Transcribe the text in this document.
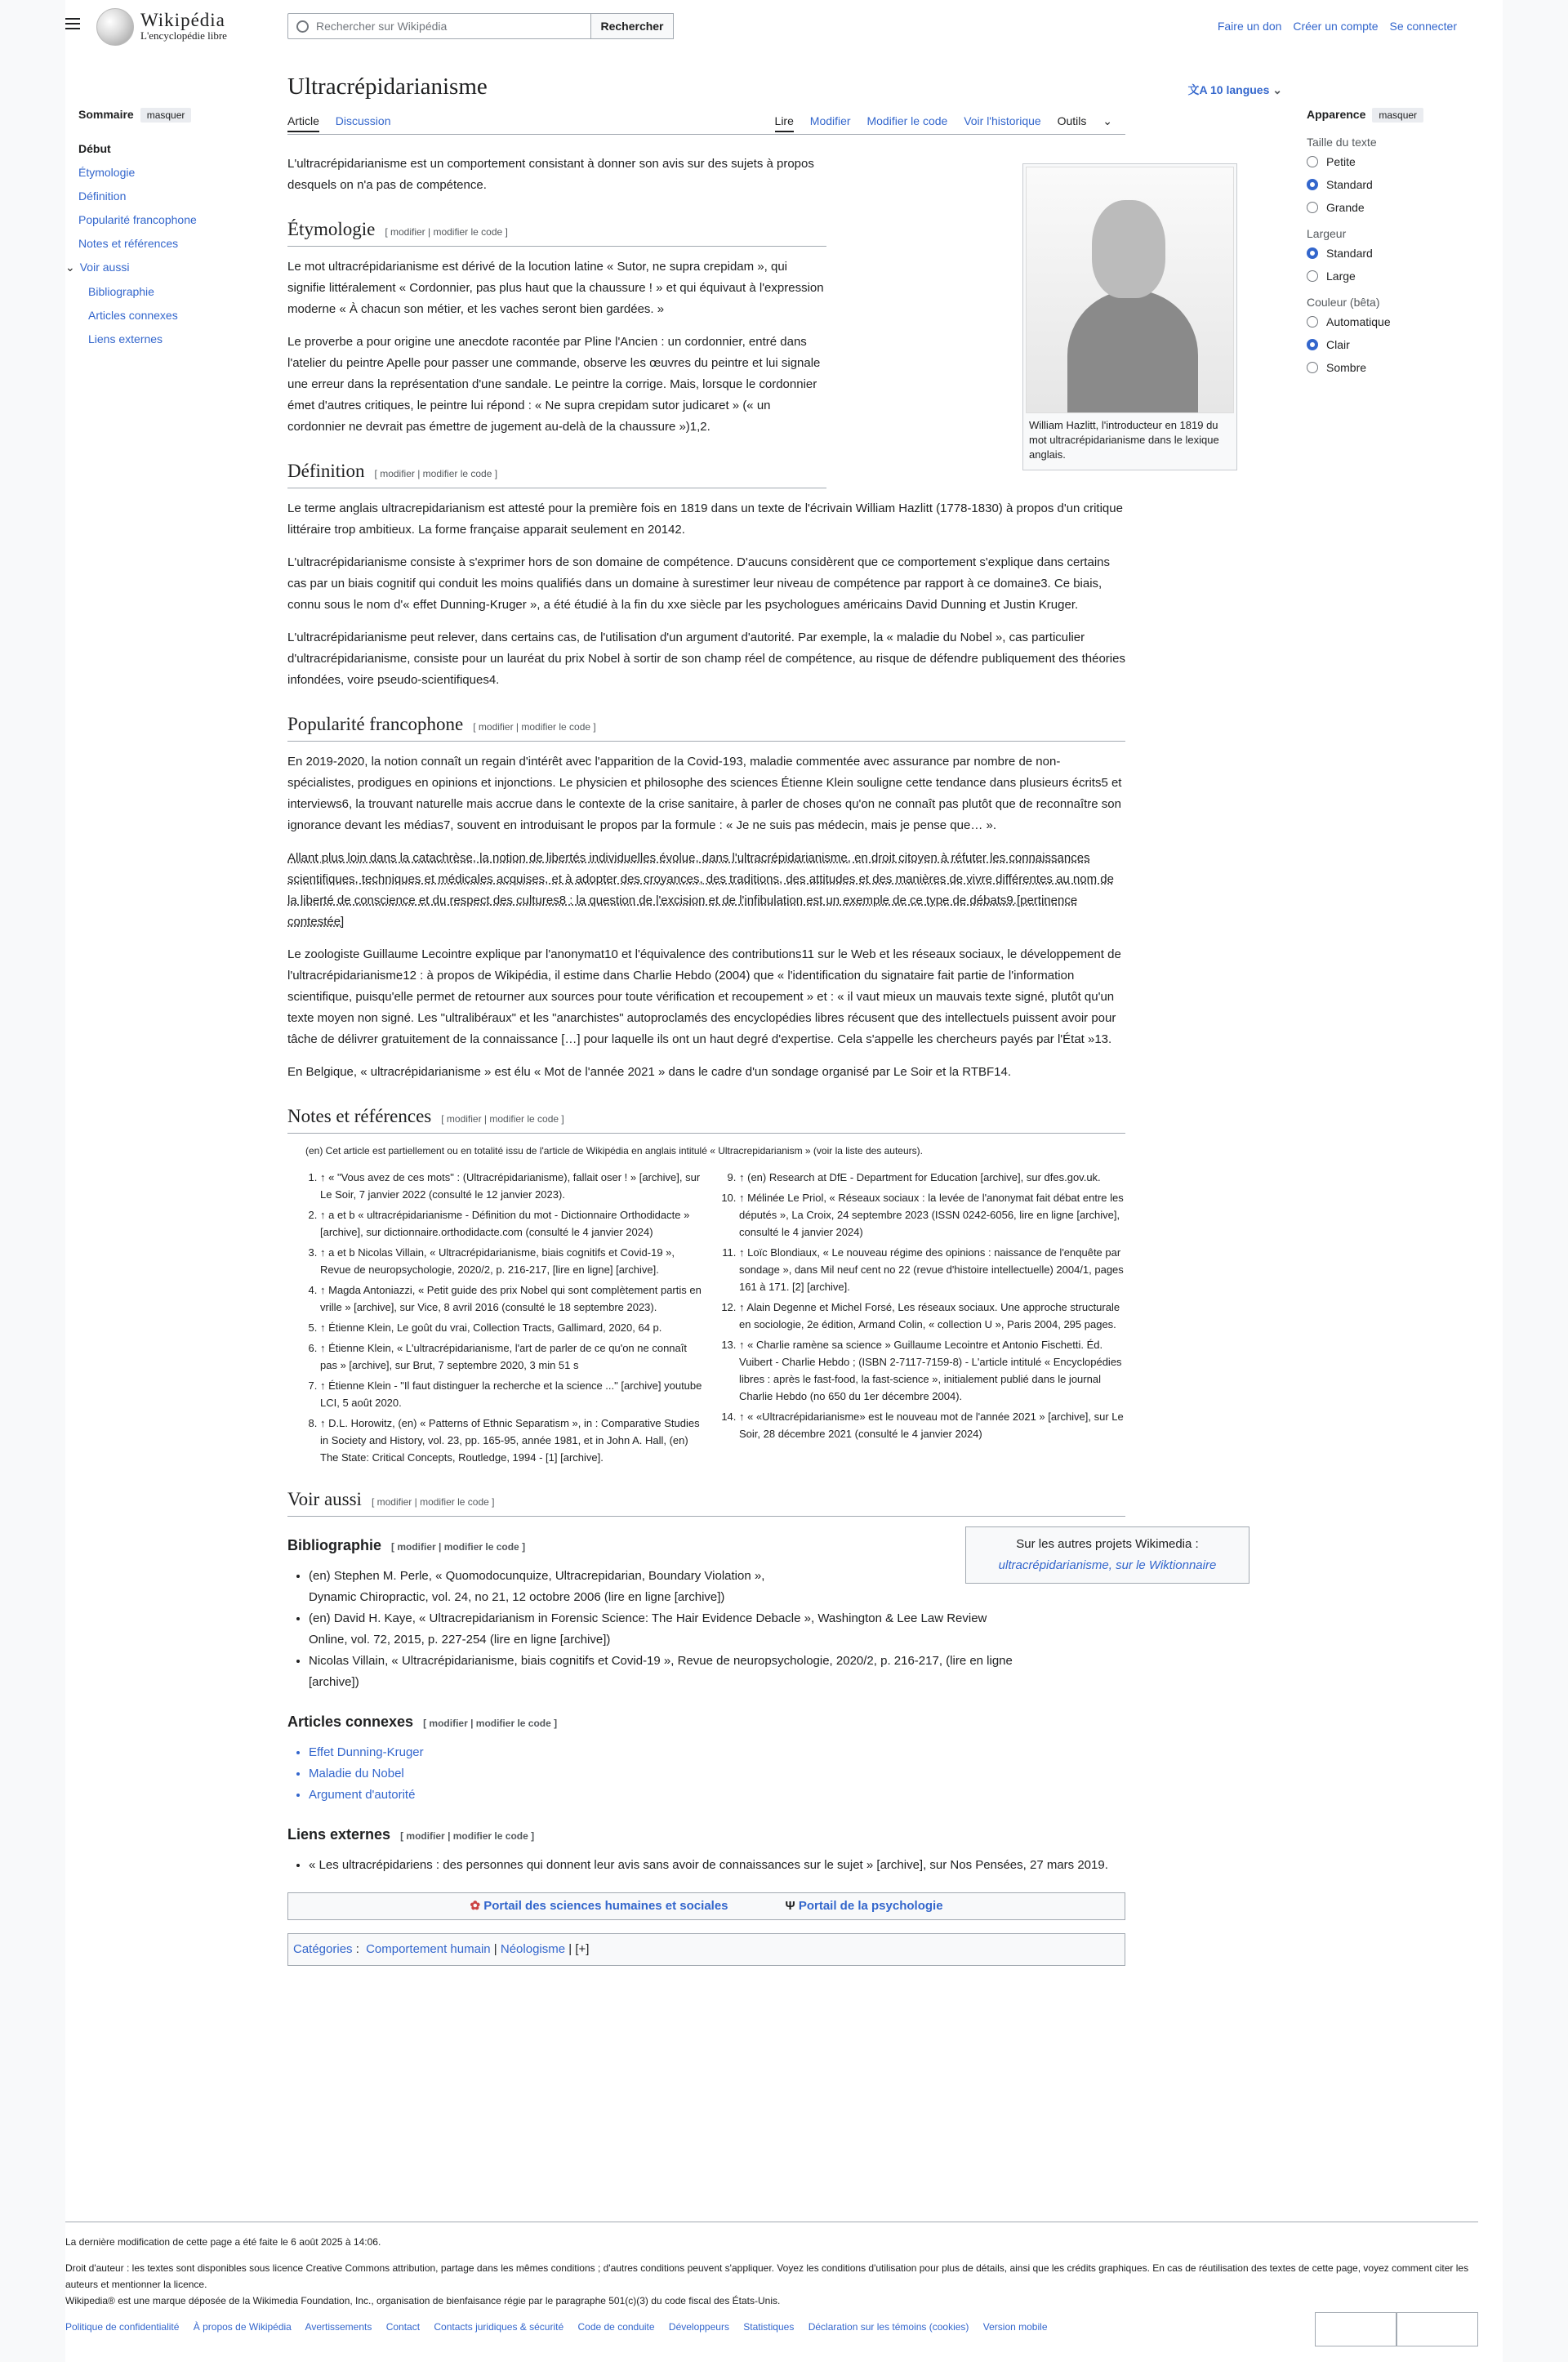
Wikipédia
L'encyclopédie libre
Rechercher sur Wikipédia	Rechercher	Faire un don Créer un compte Se connecter
Sommaire masquer
Début
Étymologie
Définition
Popularité francophone
Notes et références
⌄ Voir aussi
Bibliographie
Articles connexes
Liens externes
Ultracrépidarianisme	文A 10 langues ⌄
Article Discussion	Lire Modifier Modifier le code Voir l'historique Outils ⌄	Apparence masquer
Taille du texte
Petite
Standard
Grande
Largeur
Standard
Large
Couleur (bêta)
Automatique
Clair
Sombre
William Hazlitt, l'introducteur en 1819 du mot ultracrépidarianisme dans le lexique anglais.

L'ultracrépidarianisme est un comportement consistant à donner son avis sur des sujets à propos desquels on n'a pas de compétence.

Étymologie [ modifier | modifier le code ]

Le mot ultracrépidarianisme est dérivé de la locution latine « Sutor, ne supra crepidam », qui signifie littéralement « Cordonnier, pas plus haut que la chaussure ! » et qui équivaut à l'expression moderne « À chacun son métier, et les vaches seront bien gardées. »

Le proverbe a pour origine une anecdote racontée par Pline l'Ancien : un cordonnier, entré dans l'atelier du peintre Apelle pour passer une commande, observe les œuvres du peintre et lui signale une erreur dans la représentation d'une sandale. Le peintre la corrige. Mais, lorsque le cordonnier émet d'autres critiques, le peintre lui répond : « Ne supra crepidam sutor judicaret » (« un cordonnier ne devrait pas émettre de jugement au-delà de la chaussure »)1,2.

Définition [ modifier | modifier le code ]

Le terme anglais ultracrepidarianism est attesté pour la première fois en 1819 dans un texte de l'écrivain William Hazlitt (1778-1830) à propos d'un critique littéraire trop ambitieux. La forme française apparait seulement en 20142.

L'ultracrépidarianisme consiste à s'exprimer hors de son domaine de compétence. D'aucuns considèrent que ce comportement s'explique dans certains cas par un biais cognitif qui conduit les moins qualifiés dans un domaine à surestimer leur niveau de compétence par rapport à ce domaine3. Ce biais, connu sous le nom d'« effet Dunning-Kruger », a été étudié à la fin du xxe siècle par les psychologues américains David Dunning et Justin Kruger.

L'ultracrépidarianisme peut relever, dans certains cas, de l'utilisation d'un argument d'autorité. Par exemple, la « maladie du Nobel », cas particulier d'ultracrépidarianisme, consiste pour un lauréat du prix Nobel à sortir de son champ réel de compétence, au risque de défendre publiquement des théories infondées, voire pseudo-scientifiques4.

Popularité francophone [ modifier | modifier le code ]

En 2019-2020, la notion connaît un regain d'intérêt avec l'apparition de la Covid-193, maladie commentée avec assurance par nombre de non-spécialistes, prodigues en opinions et injonctions. Le physicien et philosophe des sciences Étienne Klein souligne cette tendance dans plusieurs écrits5 et interviews6, la trouvant naturelle mais accrue dans le contexte de la crise sanitaire, à parler de choses qu'on ne connaît pas plutôt que de reconnaître son ignorance devant les médias7, souvent en introduisant le propos par la formule : « Je ne suis pas médecin, mais je pense que… ».

Allant plus loin dans la catachrèse, la notion de libertés individuelles évolue, dans l'ultracrépidarianisme, en droit citoyen à réfuter les connaissances scientifiques, techniques et médicales acquises, et à adopter des croyances, des traditions, des attitudes et des manières de vivre différentes au nom de la liberté de conscience et du respect des cultures8 : la question de l'excision et de l'infibulation est un exemple de ce type de débats9.[pertinence contestée]

Le zoologiste Guillaume Lecointre explique par l'anonymat10 et l'équivalence des contributions11 sur le Web et les réseaux sociaux, le développement de l'ultracrépidarianisme12 : à propos de Wikipédia, il estime dans Charlie Hebdo (2004) que « l'identification du signataire fait partie de l'information scientifique, puisqu'elle permet de retourner aux sources pour toute vérification et recoupement » et : « il vaut mieux un mauvais texte signé, plutôt qu'un texte moyen non signé. Les "ultralibéraux" et les "anarchistes" autoproclamés des encyclopédies libres récusent que des intellectuels puissent avoir pour tâche de délivrer gratuitement de la connaissance […] pour laquelle ils ont un haut degré d'expertise. Cela s'appelle les chercheurs payés par l'État »13.

En Belgique, « ultracrépidarianisme » est élu « Mot de l'année 2021 » dans le cadre d'un sondage organisé par Le Soir et la RTBF14.

Notes et références [ modifier | modifier le code ]
(en) Cet article est partiellement ou en totalité issu de l'article de Wikipédia en anglais intitulé « Ultracrepidarianism » (voir la liste des auteurs).
1. ↑ « "Vous avez de ces mots" : (Ultracrépidarianisme), fallait oser ! » [archive], sur Le Soir, 7 janvier 2022 (consulté le 12 janvier 2023).
2. ↑ a et b « ultracrépidarianisme - Définition du mot - Dictionnaire Orthodidacte » [archive], sur dictionnaire.orthodidacte.com (consulté le 4 janvier 2024)
3. ↑ a et b Nicolas Villain, « Ultracrépidarianisme, biais cognitifs et Covid-19 », Revue de neuropsychologie, 2020/2, p. 216-217, [lire en ligne] [archive].
4. ↑ Magda Antoniazzi, « Petit guide des prix Nobel qui sont complètement partis en vrille » [archive], sur Vice, 8 avril 2016 (consulté le 18 septembre 2023).
5. ↑ Étienne Klein, Le goût du vrai, Collection Tracts, Gallimard, 2020, 64 p.
6. ↑ Étienne Klein, « L'ultracrépidarianisme, l'art de parler de ce qu'on ne connaît pas » [archive], sur Brut, 7 septembre 2020, 3 min 51 s
7. ↑ Étienne Klein - "Il faut distinguer la recherche et la science ..." [archive] youtube LCI, 5 août 2020.
8. ↑ D.L. Horowitz, (en) « Patterns of Ethnic Separatism », in : Comparative Studies in Society and History, vol. 23, pp. 165-95, année 1981, et in John A. Hall, (en) The State: Critical Concepts, Routledge, 1994 - [1] [archive].
9. ↑ (en) Research at DfE - Department for Education [archive], sur dfes.gov.uk.
10. ↑ Mélinée Le Priol, « Réseaux sociaux : la levée de l'anonymat fait débat entre les députés », La Croix, 24 septembre 2023 (ISSN 0242-6056, lire en ligne [archive], consulté le 4 janvier 2024)
11. ↑ Loïc Blondiaux, « Le nouveau régime des opinions : naissance de l'enquête par sondage », dans Mil neuf cent no 22 (revue d'histoire intellectuelle) 2004/1, pages 161 à 171. [2] [archive].
12. ↑ Alain Degenne et Michel Forsé, Les réseaux sociaux. Une approche structurale en sociologie, 2e édition, Armand Colin, « collection U », Paris 2004, 295 pages.
13. ↑ « Charlie ramène sa science » Guillaume Lecointre et Antonio Fischetti. Éd. Vuibert - Charlie Hebdo ; (ISBN 2-7117-7159-8) - L'article intitulé « Encyclopédies libres : après le fast-food, la fast-science », initialement publié dans le journal Charlie Hebdo (no 650 du 1er décembre 2004).
14. ↑ « «Ultracrépidarianisme» est le nouveau mot de l'année 2021 » [archive], sur Le Soir, 28 décembre 2021 (consulté le 4 janvier 2024)
Voir aussi [ modifier | modifier le code ]
Sur les autres projets Wikimedia :
ultracrépidarianisme, sur le Wiktionnaire
Bibliographie [ modifier | modifier le code ]
• (en) Stephen M. Perle, « Quomodocunquize, Ultracrepidarian, Boundary Violation », Dynamic Chiropractic, vol. 24, no 21, 12 octobre 2006 (lire en ligne [archive])
• (en) David H. Kaye, « Ultracrepidarianism in Forensic Science: The Hair Evidence Debacle », Washington & Lee Law Review Online, vol. 72, 2015, p. 227-254 (lire en ligne [archive])
• Nicolas Villain, « Ultracrépidarianisme, biais cognitifs et Covid-19 », Revue de neuropsychologie, 2020/2, p. 216-217, (lire en ligne [archive])
Articles connexes [ modifier | modifier le code ]
• Effet Dunning-Kruger
• Maladie du Nobel
• Argument d'autorité
Liens externes [ modifier | modifier le code ]
• « Les ultracrépidariens : des personnes qui donnent leur avis sans avoir de connaissances sur le sujet » [archive], sur Nos Pensées, 27 mars 2019.
✿ Portail des sciences humaines et sociales	Ψ Portail de la psychologie
Catégories : Comportement humain | Néologisme | [+]
La dernière modification de cette page a été faite le 6 août 2025 à 14:06.
Droit d'auteur : les textes sont disponibles sous licence Creative Commons attribution, partage dans les mêmes conditions ; d'autres conditions peuvent s'appliquer. Voyez les conditions d'utilisation pour plus de détails, ainsi que les crédits graphiques. En cas de réutilisation des textes de cette page, voyez comment citer les auteurs et mentionner la licence.
Wikipedia® est une marque déposée de la Wikimedia Foundation, Inc., organisation de bienfaisance régie par le paragraphe 501(c)(3) du code fiscal des États-Unis.
Politique de confidentialité À propos de Wikipédia Avertissements Contact Contacts juridiques & sécurité Code de conduite Développeurs Statistiques Déclaration sur les témoins (cookies) Version mobile
